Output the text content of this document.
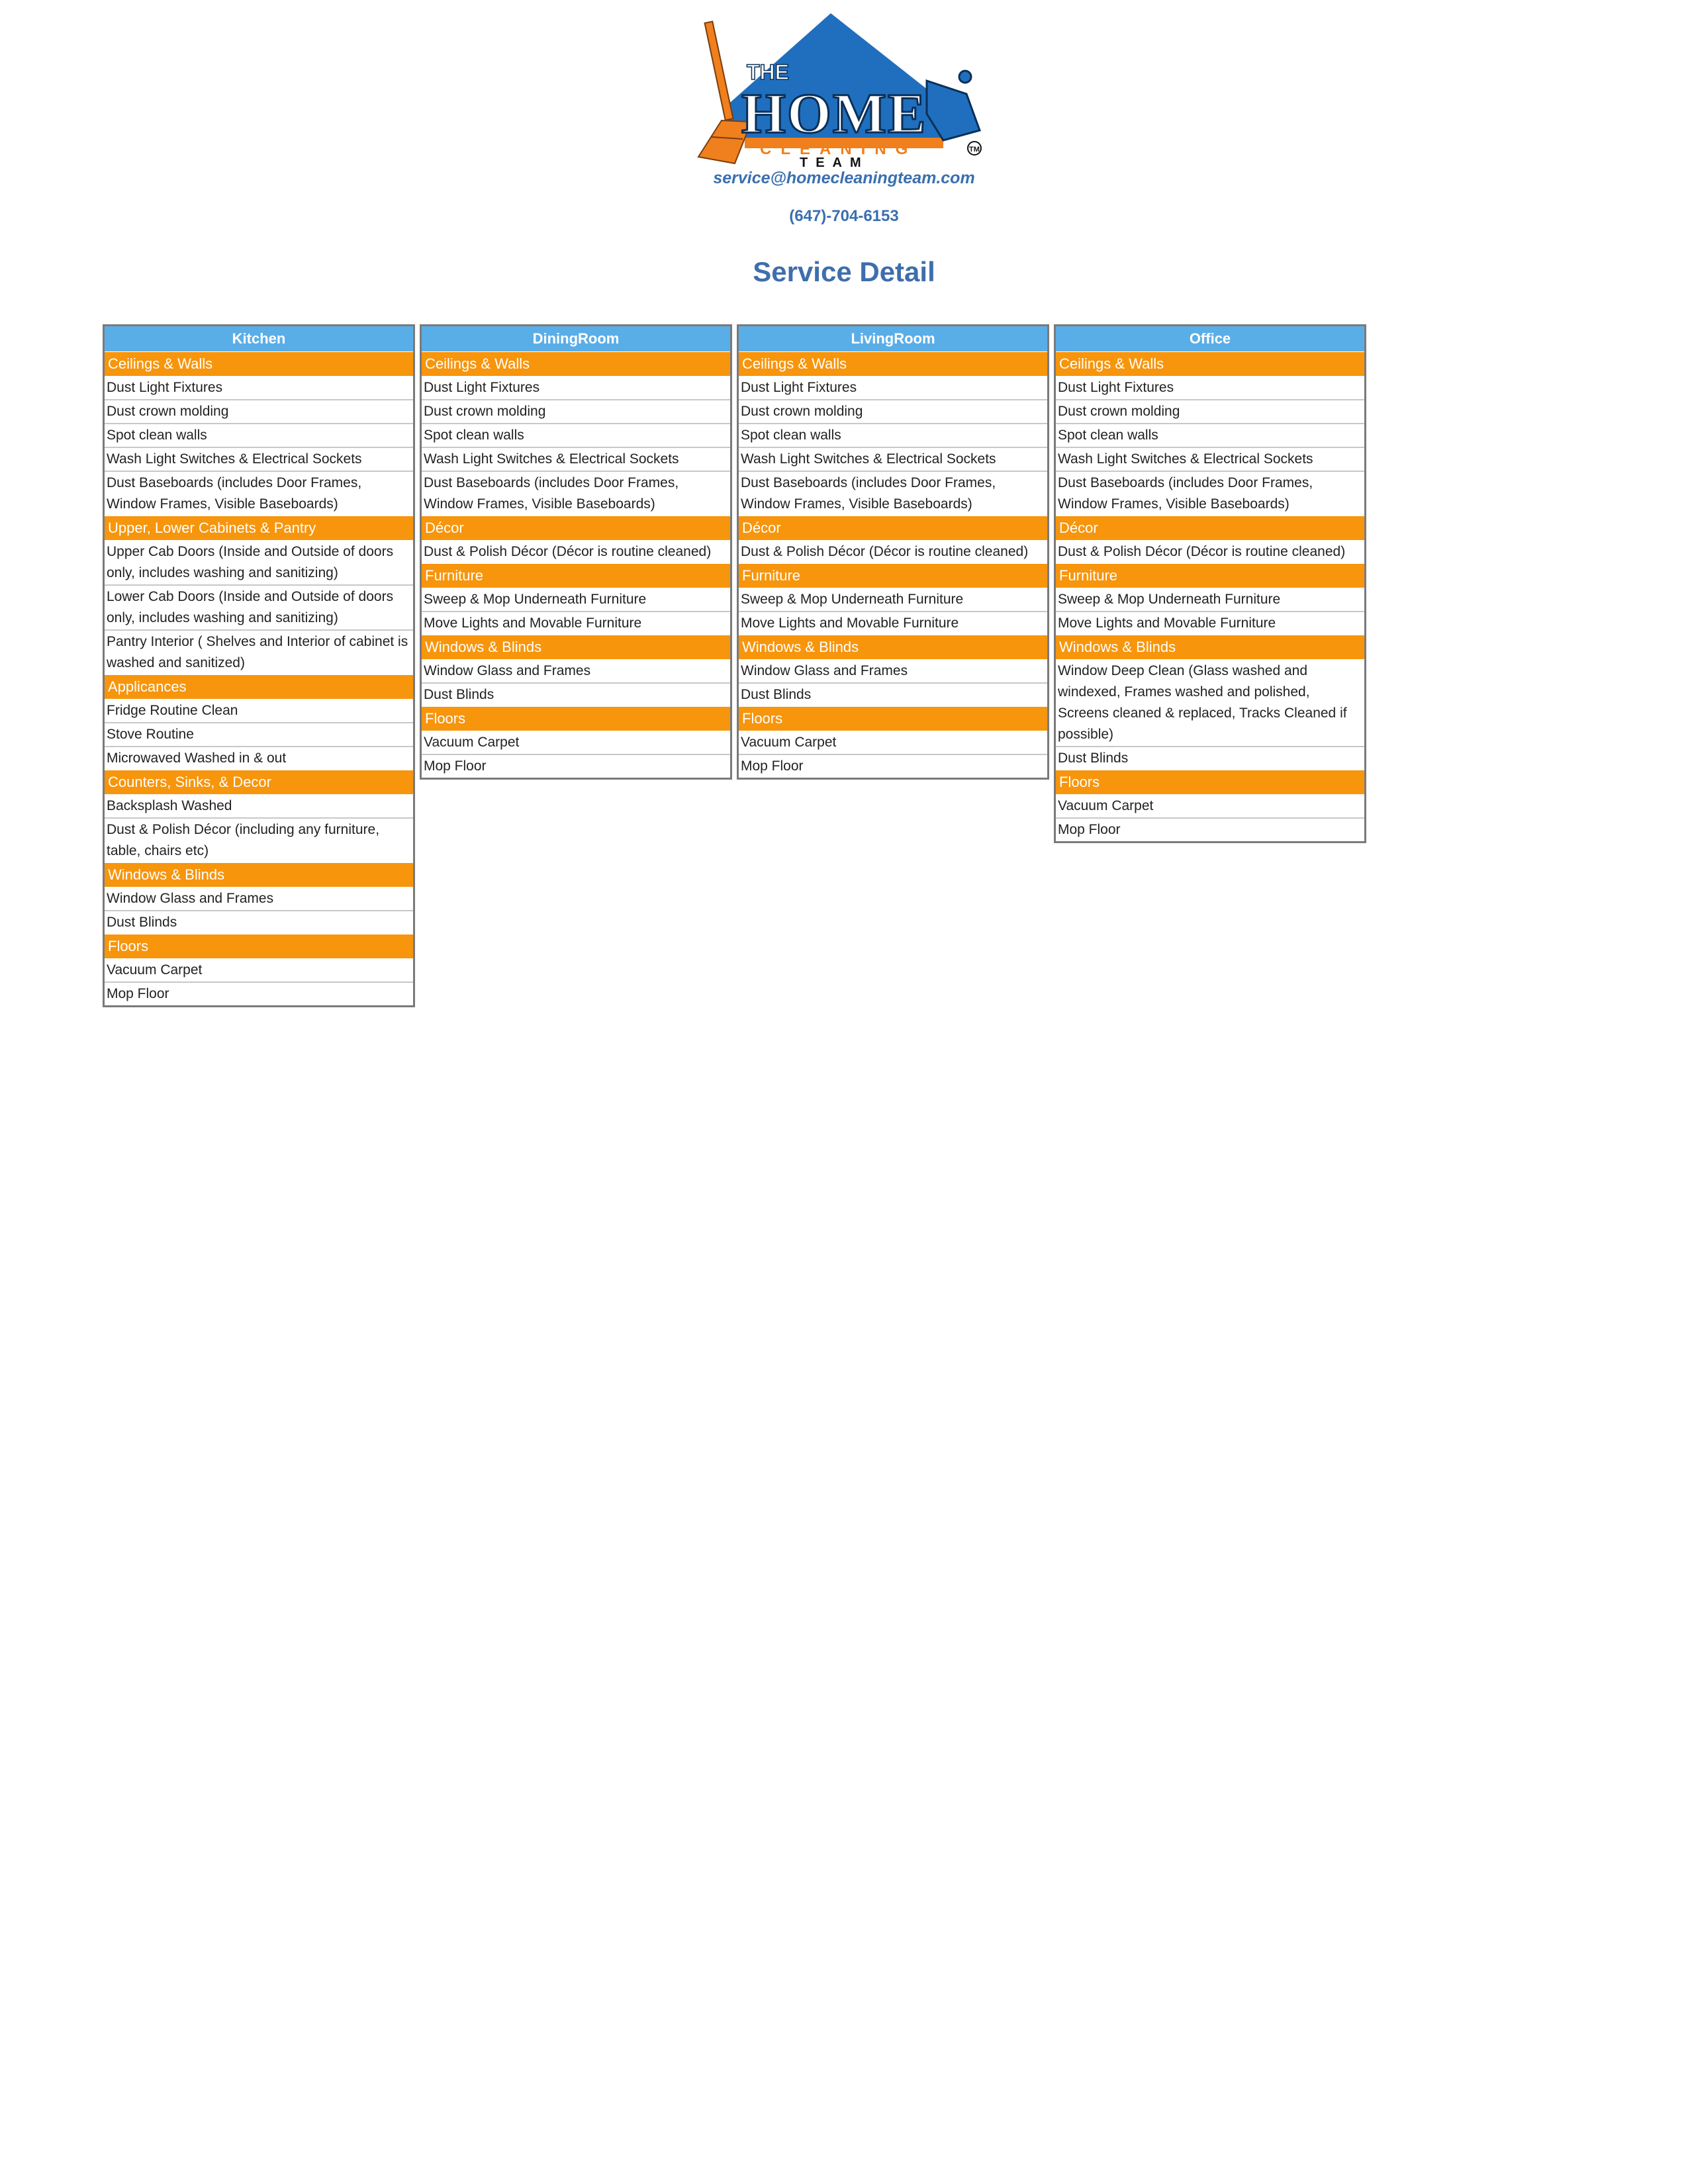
THE
HOME
CLEANING
TEAM
TM
service@homecleaningteam.com
(647)-704-6153
Service Detail
Kitchen
Ceilings & Walls
Dust Light Fixtures
Dust crown molding
Spot clean walls
Wash Light Switches & Electrical Sockets
Dust Baseboards (includes Door Frames, Window Frames, Visible Baseboards)
Upper, Lower Cabinets & Pantry
Upper Cab Doors (Inside and Outside of doors only, includes washing and sanitizing)
Lower Cab Doors (Inside and Outside of doors only, includes washing and sanitizing)
Pantry Interior ( Shelves and Interior of cabinet is washed and sanitized)
Applicances
Fridge Routine Clean
Stove Routine
Microwaved Washed in & out
Counters, Sinks, & Decor
Backsplash Washed
Dust & Polish Décor (including any furniture, table, chairs etc)
Windows & Blinds
Window Glass and Frames
Dust Blinds
Floors
Vacuum Carpet
Mop Floor
DiningRoom
Ceilings & Walls
Dust Light Fixtures
Dust crown molding
Spot clean walls
Wash Light Switches & Electrical Sockets
Dust Baseboards (includes Door Frames, Window Frames, Visible Baseboards)
Décor
Dust & Polish Décor (Décor is routine cleaned)
Furniture
Sweep & Mop Underneath Furniture
Move Lights and Movable Furniture
Windows & Blinds
Window Glass and Frames
Dust Blinds
Floors
Vacuum Carpet
Mop Floor
LivingRoom
Ceilings & Walls
Dust Light Fixtures
Dust crown molding
Spot clean walls
Wash Light Switches & Electrical Sockets
Dust Baseboards (includes Door Frames, Window Frames, Visible Baseboards)
Décor
Dust & Polish Décor (Décor is routine cleaned)
Furniture
Sweep & Mop Underneath Furniture
Move Lights and Movable Furniture
Windows & Blinds
Window Glass and Frames
Dust Blinds
Floors
Vacuum Carpet
Mop Floor
Office
Ceilings & Walls
Dust Light Fixtures
Dust crown molding
Spot clean walls
Wash Light Switches & Electrical Sockets
Dust Baseboards (includes Door Frames, Window Frames, Visible Baseboards)
Décor
Dust & Polish Décor (Décor is routine cleaned)
Furniture
Sweep & Mop Underneath Furniture
Move Lights and Movable Furniture
Windows & Blinds
Window Deep Clean (Glass washed and windexed, Frames washed and polished, Screens cleaned & replaced, Tracks Cleaned if possible)
Dust Blinds
Floors
Vacuum Carpet
Mop Floor
